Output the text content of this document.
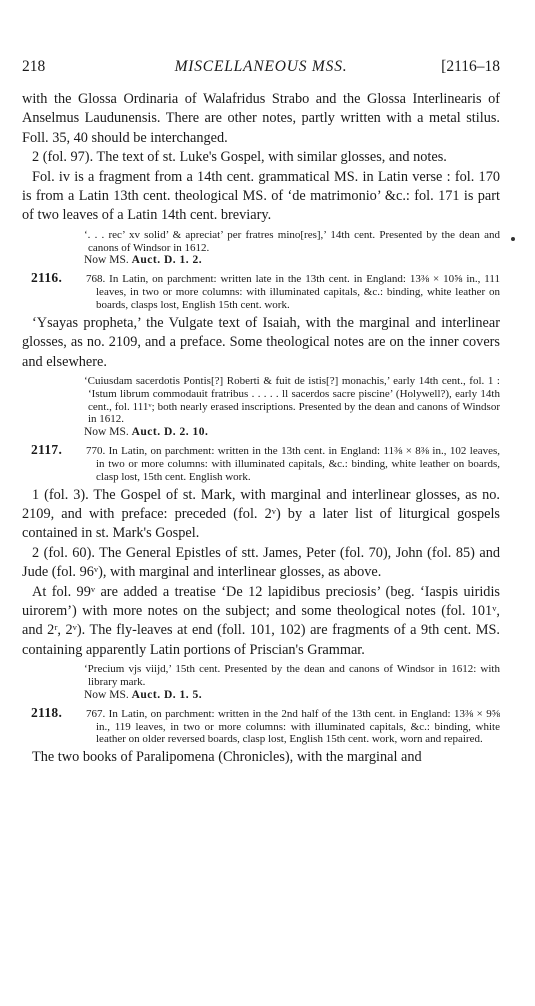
218	MISCELLANEOUS MSS.	[2116–18

with the Glossa Ordinaria of Walafridus Strabo and the Glossa Interlinearis of Anselmus Laudunensis. There are other notes, partly written with a metal stilus. Foll. 35, 40 should be interchanged.

2 (fol. 97). The text of st. Luke's Gospel, with similar glosses, and notes.

Fol. iv is a fragment from a 14th cent. grammatical MS. in Latin verse : fol. 170 is from a Latin 13th cent. theological MS. of ‘de matrimonio’ &c.: fol. 171 is part of two leaves of a Latin 14th cent. breviary.

‘. . . rec’ xv solid’ & apreciat’ per fratres mino[res],’ 14th cent. Presented by the dean and canons of Windsor in 1612.

Now MS. Auct. D. 1. 2.

2116. 768. In Latin, on parchment: written late in the 13th cent. in England: 13⅜ × 10⅝ in., 111 leaves, in two or more columns: with illuminated capitals, &c.: binding, white leather on boards, clasps lost, English 15th cent. work.

‘Ysayas propheta,’ the Vulgate text of Isaiah, with the marginal and interlinear glosses, as no. 2109, and a preface. Some theological notes are on the inner covers and elsewhere.

‘Cuiusdam sacerdotis Pontis[?] Roberti & fuit de istis[?] monachis,’ early 14th cent., fol. 1 : ‘Istum librum commodauit fratribus . . . . . ll sacerdos sacre piscine’ (Holywell?), early 14th cent., fol. 111ᵛ; both nearly erased inscriptions. Presented by the dean and canons of Windsor in 1612.

Now MS. Auct. D. 2. 10.

2117. 770. In Latin, on parchment: written in the 13th cent. in England: 11⅜ × 8⅜ in., 102 leaves, in two or more columns: with illuminated capitals, &c.: binding, white leather on boards, clasp lost, 15th cent. English work.

1 (fol. 3). The Gospel of st. Mark, with marginal and interlinear glosses, as no. 2109, and with preface: preceded (fol. 2ᵛ) by a later list of liturgical gospels contained in st. Mark's Gospel.

2 (fol. 60). The General Epistles of stt. James, Peter (fol. 70), John (fol. 85) and Jude (fol. 96ᵛ), with marginal and interlinear glosses, as above.

At fol. 99ᵛ are added a treatise ‘De 12 lapidibus preciosis’ (beg. ‘Iaspis uiridis uirorem’) with more notes on the subject; and some theological notes (fol. 101ᵛ, and 2ʳ, 2ᵛ). The fly-leaves at end (foll. 101, 102) are fragments of a 9th cent. MS. containing apparently Latin portions of Priscian's Grammar.

‘Precium vjs viijd,’ 15th cent. Presented by the dean and canons of Windsor in 1612: with library mark.

Now MS. Auct. D. 1. 5.

2118. 767. In Latin, on parchment: written in the 2nd half of the 13th cent. in England: 13⅜ × 9⅝ in., 119 leaves, in two or more columns: with illuminated capitals, &c.: binding, white leather on older reversed boards, clasp lost, English 15th cent. work, worn and repaired.

The two books of Paralipomena (Chronicles), with the marginal and
